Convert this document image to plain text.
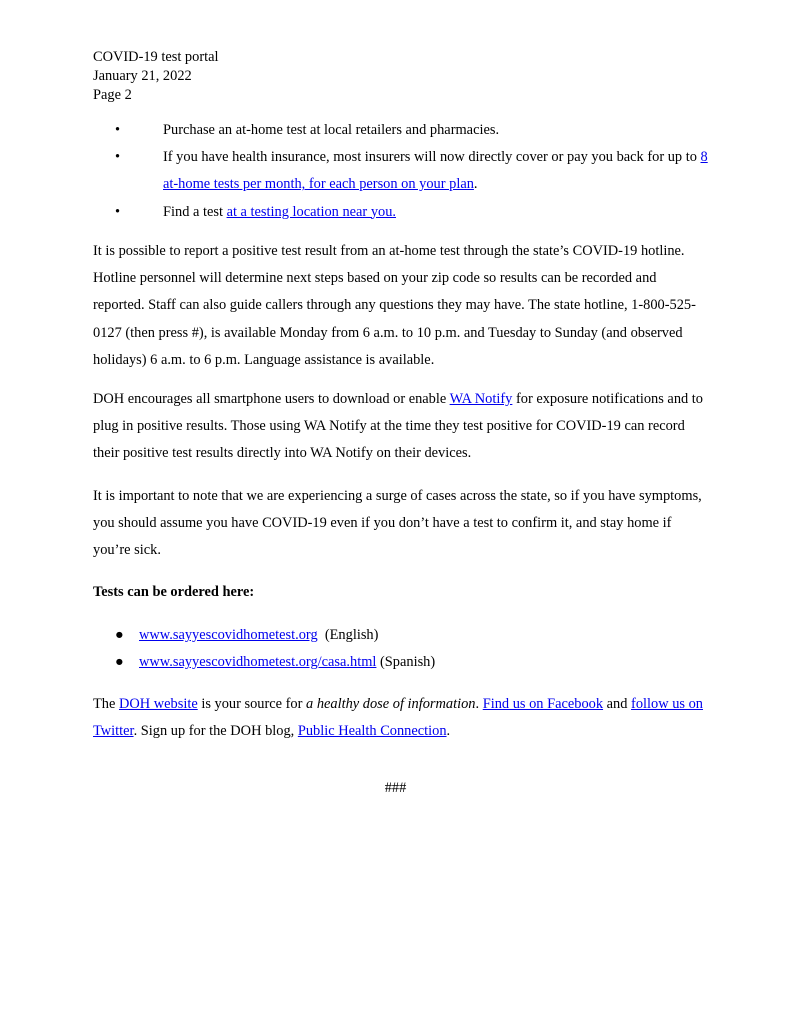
COVID-19 test portal
January 21, 2022
Page 2
•	Purchase an at-home test at local retailers and pharmacies.
•	If you have health insurance, most insurers will now directly cover or pay you back for up to 8 at-home tests per month, for each person on your plan.
•	Find a test at a testing location near you.

It is possible to report a positive test result from an at-home test through the state’s COVID-19 hotline. Hotline personnel will determine next steps based on your zip code so results can be recorded and reported. Staff can also guide callers through any questions they may have. The state hotline, 1-800-525-0127 (then press #), is available Monday from 6 a.m. to 10 p.m. and Tuesday to Sunday (and observed holidays) 6 a.m. to 6 p.m. Language assistance is available.

DOH encourages all smartphone users to download or enable WA Notify for exposure notifications and to plug in positive results. Those using WA Notify at the time they test positive for COVID-19 can record their positive test results directly into WA Notify on their devices.

It is important to note that we are experiencing a surge of cases across the state, so if you have symptoms, you should assume you have COVID-19 even if you don’t have a test to confirm it, and stay home if you’re sick.

Tests can be ordered here:

● www.sayyescovidhometest.org  (English)
● www.sayyescovidhometest.org/casa.html (Spanish)

The DOH website is your source for a healthy dose of information. Find us on Facebook and follow us on Twitter. Sign up for the DOH blog, Public Health Connection.

###
